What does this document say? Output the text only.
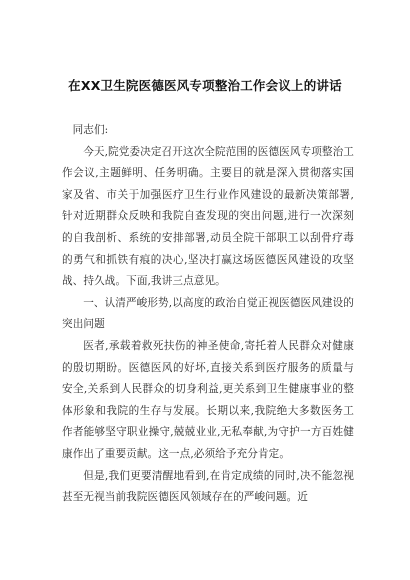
在XX卫生院医德医风专项整治工作会议上的讲话

同志们:

今天,院党委决定召开这次全院范围的医德医风专项整治工作会议,主题鲜明、任务明确。主要目的就是深入贯彻落实国家及省、市关于加强医疗卫生行业作风建设的最新决策部署,针对近期群众反映和我院自查发现的突出问题,进行一次深刻的自我剖析、系统的安排部署,动员全院干部职工以刮骨疗毒的勇气和抓铁有痕的决心,坚决打赢这场医德医风建设的攻坚战、持久战。下面,我讲三点意见。

一、认清严峻形势,以高度的政治自觉正视医德医风建设的突出问题

医者,承载着救死扶伤的神圣使命,寄托着人民群众对健康的殷切期盼。医德医风的好坏,直接关系到医疗服务的质量与安全,关系到人民群众的切身利益,更关系到卫生健康事业的整体形象和我院的生存与发展。长期以来,我院绝大多数医务工作者能够坚守职业操守,兢兢业业,无私奉献,为守护一方百姓健康作出了重要贡献。这一点,必须给予充分肯定。

但是,我们更要清醒地看到,在肯定成绩的同时,决不能忽视甚至无视当前我院医德医风领域存在的严峻问题。近
